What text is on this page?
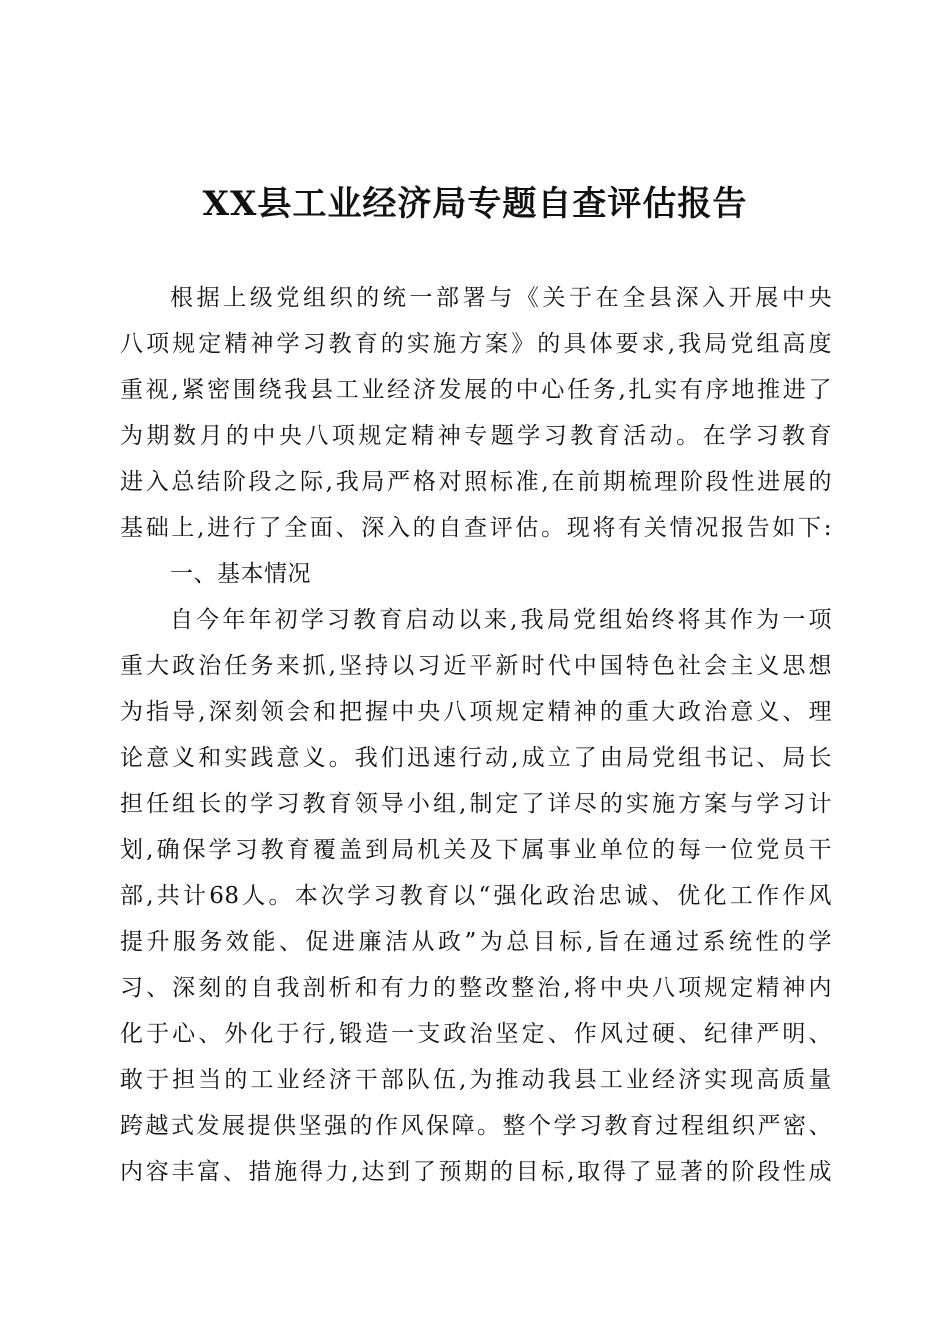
XX县工业经济局专题自查评估报告
根据上级党组织的统一部署与《关于在全县深入开展中央
八项规定精神学习教育的实施方案》的具体要求,我局党组高度
重视,紧密围绕我县工业经济发展的中心任务,扎实有序地推进了
为期数月的中央八项规定精神专题学习教育活动。在学习教育
进入总结阶段之际,我局严格对照标准,在前期梳理阶段性进展的
基础上,进行了全面、深入的自查评估。现将有关情况报告如下:
一、基本情况
自今年年初学习教育启动以来,我局党组始终将其作为一项
重大政治任务来抓,坚持以习近平新时代中国特色社会主义思想
为指导,深刻领会和把握中央八项规定精神的重大政治意义、理
论意义和实践意义。我们迅速行动,成立了由局党组书记、局长
担任组长的学习教育领导小组,制定了详尽的实施方案与学习计
划,确保学习教育覆盖到局机关及下属事业单位的每一位党员干
部,共计68人。本次学习教育以“强化政治忠诚、优化工作作风
提升服务效能、促进廉洁从政”为总目标,旨在通过系统性的学
习、深刻的自我剖析和有力的整改整治,将中央八项规定精神内
化于心、外化于行,锻造一支政治坚定、作风过硬、纪律严明、
敢于担当的工业经济干部队伍,为推动我县工业经济实现高质量
跨越式发展提供坚强的作风保障。整个学习教育过程组织严密、
内容丰富、措施得力,达到了预期的目标,取得了显著的阶段性成
